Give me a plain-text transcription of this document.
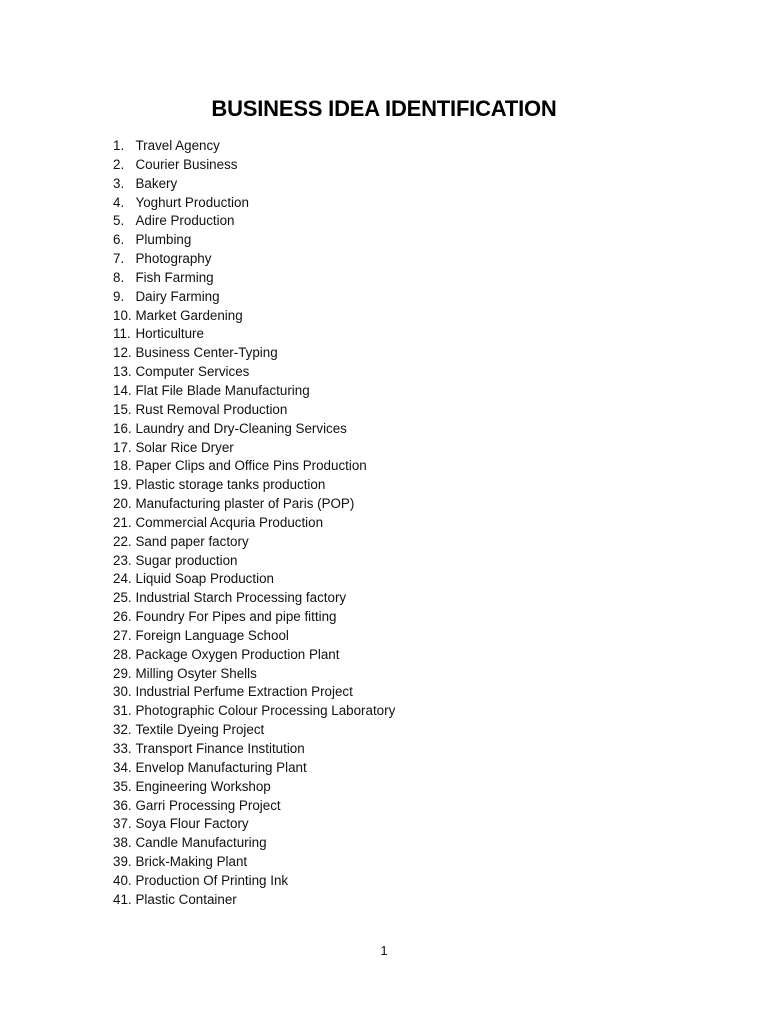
BUSINESS IDEA IDENTIFICATION
1. Travel Agency
2. Courier Business
3. Bakery
4. Yoghurt Production
5. Adire Production
6. Plumbing
7. Photography
8. Fish Farming
9. Dairy Farming
10. Market Gardening
11. Horticulture
12. Business Center-Typing
13. Computer Services
14. Flat File Blade Manufacturing
15. Rust Removal Production
16. Laundry and Dry-Cleaning Services
17. Solar Rice Dryer
18. Paper Clips and Office Pins Production
19. Plastic storage tanks production
20. Manufacturing plaster of Paris (POP)
21. Commercial Acquria Production
22. Sand paper factory
23. Sugar production
24. Liquid Soap Production
25. Industrial Starch Processing factory
26. Foundry For Pipes and pipe fitting
27. Foreign Language School
28. Package Oxygen Production Plant
29. Milling Osyter Shells
30. Industrial Perfume Extraction Project
31. Photographic Colour Processing Laboratory
32. Textile Dyeing Project
33. Transport Finance Institution
34. Envelop Manufacturing Plant
35. Engineering Workshop
36. Garri Processing Project
37. Soya Flour Factory
38. Candle Manufacturing
39. Brick-Making Plant
40. Production Of Printing Ink
41. Plastic Container
1
